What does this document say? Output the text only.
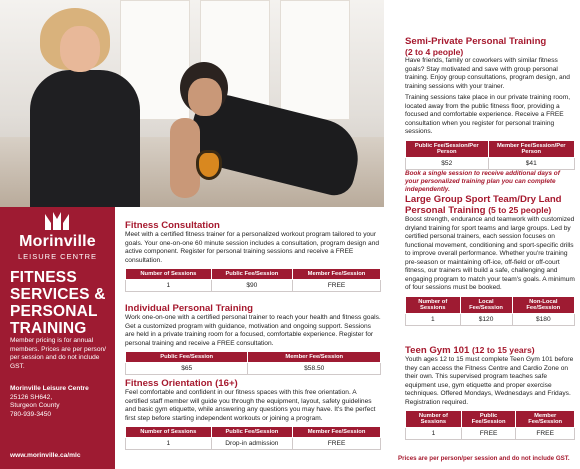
Morinville
LEISURE CENTRE
FITNESS
SERVICES &
PERSONAL
TRAINING
Member pricing is for annual members. Prices are per person/ per session and do not include GST.
Morinville Leisure Centre
25126 SH642,
Sturgeon County
780-939-3450
www.morinville.ca/mlc
Fitness Consultation
Meet with a certified fitness trainer for a personalized workout program tailored to your goals. Your one-on-one 60 minute session includes a consultation, program design and active component. Register for personal training sessions and receive a FREE consultation.
Number of Sessions	Public Fee/Session	Member Fee/Session
1	$90	FREE
Individual Personal Training
Work one-on-one with a certified personal trainer to reach your health and fitness goals. Get a customized program with guidance, motivation and ongoing support. Sessions are held in a private training room for a focused, comfortable experience. Register for personal training and receive a FREE consultation.
Public Fee/Session	Member Fee/Session
$65	$58.50
Fitness Orientation (16+)
Feel comfortable and confident in our fitness spaces with this free orientation. A certified staff member will guide you through the equipment, layout, safety guidelines and basic gym etiquette, while answering any questions you may have. It's the perfect first step before starting independent workouts or joining a program.
Number of Sessions	Public Fee/Session	Member Fee/Session
1	Drop-in admission	FREE
Semi-Private Personal Training
(2 to 4 people)

Have friends, family or coworkers with similar fitness goals? Stay motivated and save with group personal training. Enjoy group consultations, program design, and training sessions with your trainer.

Training sessions take place in our private training room, located away from the public fitness floor, providing a focused and comfortable experience. Receive a FREE consultation when you register for personal training sessions.

Public Fee/Session/Per Person	Member Fee/Session/Per Person
$52	$41
Book a single session to receive additional days of your personalized training plan you can complete independently.
Large Group Sport Team/Dry Land Personal Training (5 to 25 people)
Boost strength, endurance and teamwork with customized dryland training for sport teams and large groups. Led by certified personal trainers, each session focuses on functional movement, conditioning and sport-specific drills to improve overall performance. Whether you're training pre-season or maintaining off-ice, off-field or off-court fitness, our trainers will build a safe, challenging and engaging program to match your team's goals. A minimum of four sessions must be booked.
Number of Sessions	Local Fee/Session	Non-Local Fee/Session
1	$120	$180
Teen Gym 101 (12 to 15 years)
Youth ages 12 to 15 must complete Teen Gym 101 before they can access the Fitness Centre and Cardio Zone on their own. This supervised program teaches safe equipment use, gym etiquette and proper exercise techniques. Offered Mondays, Wednesdays and Fridays. Registration required.
Number of Sessions	Public Fee/Session	Member Fee/Session
1	FREE	FREE
Prices are per person/per session and do not include GST.
